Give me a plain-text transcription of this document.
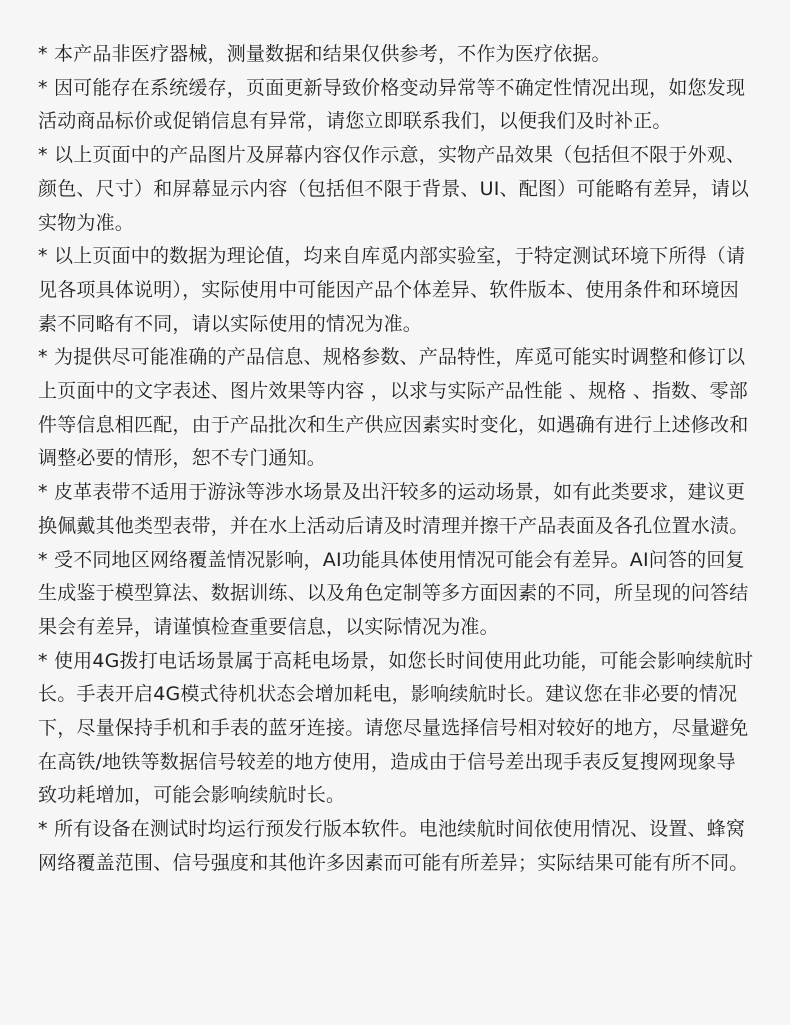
* 本产品非医疗器械，测量数据和结果仅供参考，不作为医疗依据。
* 因可能存在系统缓存，页面更新导致价格变动异常等不确定性情况出现，如您发现活动商品标价或促销信息有异常，请您立即联系我们，以便我们及时补正。
* 以上页面中的产品图片及屏幕内容仅作示意，实物产品效果（包括但不限于外观、颜色、尺寸）和屏幕显示内容（包括但不限于背景、UI、配图）可能略有差异，请以实物为准。
* 以上页面中的数据为理论值，均来自库觅内部实验室，于特定测试环境下所得（请见各项具体说明），实际使用中可能因产品个体差异、软件版本、使用条件和环境因素不同略有不同，请以实际使用的情况为准。
* 为提供尽可能准确的产品信息、规格参数、产品特性，库觅可能实时调整和修订以上页面中的文字表述、图片效果等内容 ，以求与实际产品性能 、规格 、指数、零部件等信息相匹配，由于产品批次和生产供应因素实时变化，如遇确有进行上述修改和调整必要的情形，恕不专门通知。
* 皮革表带不适用于游泳等涉水场景及出汗较多的运动场景，如有此类要求，建议更换佩戴其他类型表带，并在水上活动后请及时清理并擦干产品表面及各孔位置水渍。
* 受不同地区网络覆盖情况影响，AI功能具体使用情况可能会有差异。AI问答的回复生成鉴于模型算法、数据训练、以及角色定制等多方面因素的不同，所呈现的问答结果会有差异，请谨慎检查重要信息，以实际情况为准。
* 使用4G拨打电话场景属于高耗电场景，如您长时间使用此功能，可能会影响续航时长。手表开启4G模式待机状态会增加耗电，影响续航时长。建议您在非必要的情况下，尽量保持手机和手表的蓝牙连接。请您尽量选择信号相对较好的地方，尽量避免在高铁/地铁等数据信号较差的地方使用，造成由于信号差出现手表反复搜网现象导致功耗增加，可能会影响续航时长。
* 所有设备在测试时均运行预发行版本软件。电池续航时间依使用情况、设置、蜂窝网络覆盖范围、信号强度和其他许多因素而可能有所差异；实际结果可能有所不同。
